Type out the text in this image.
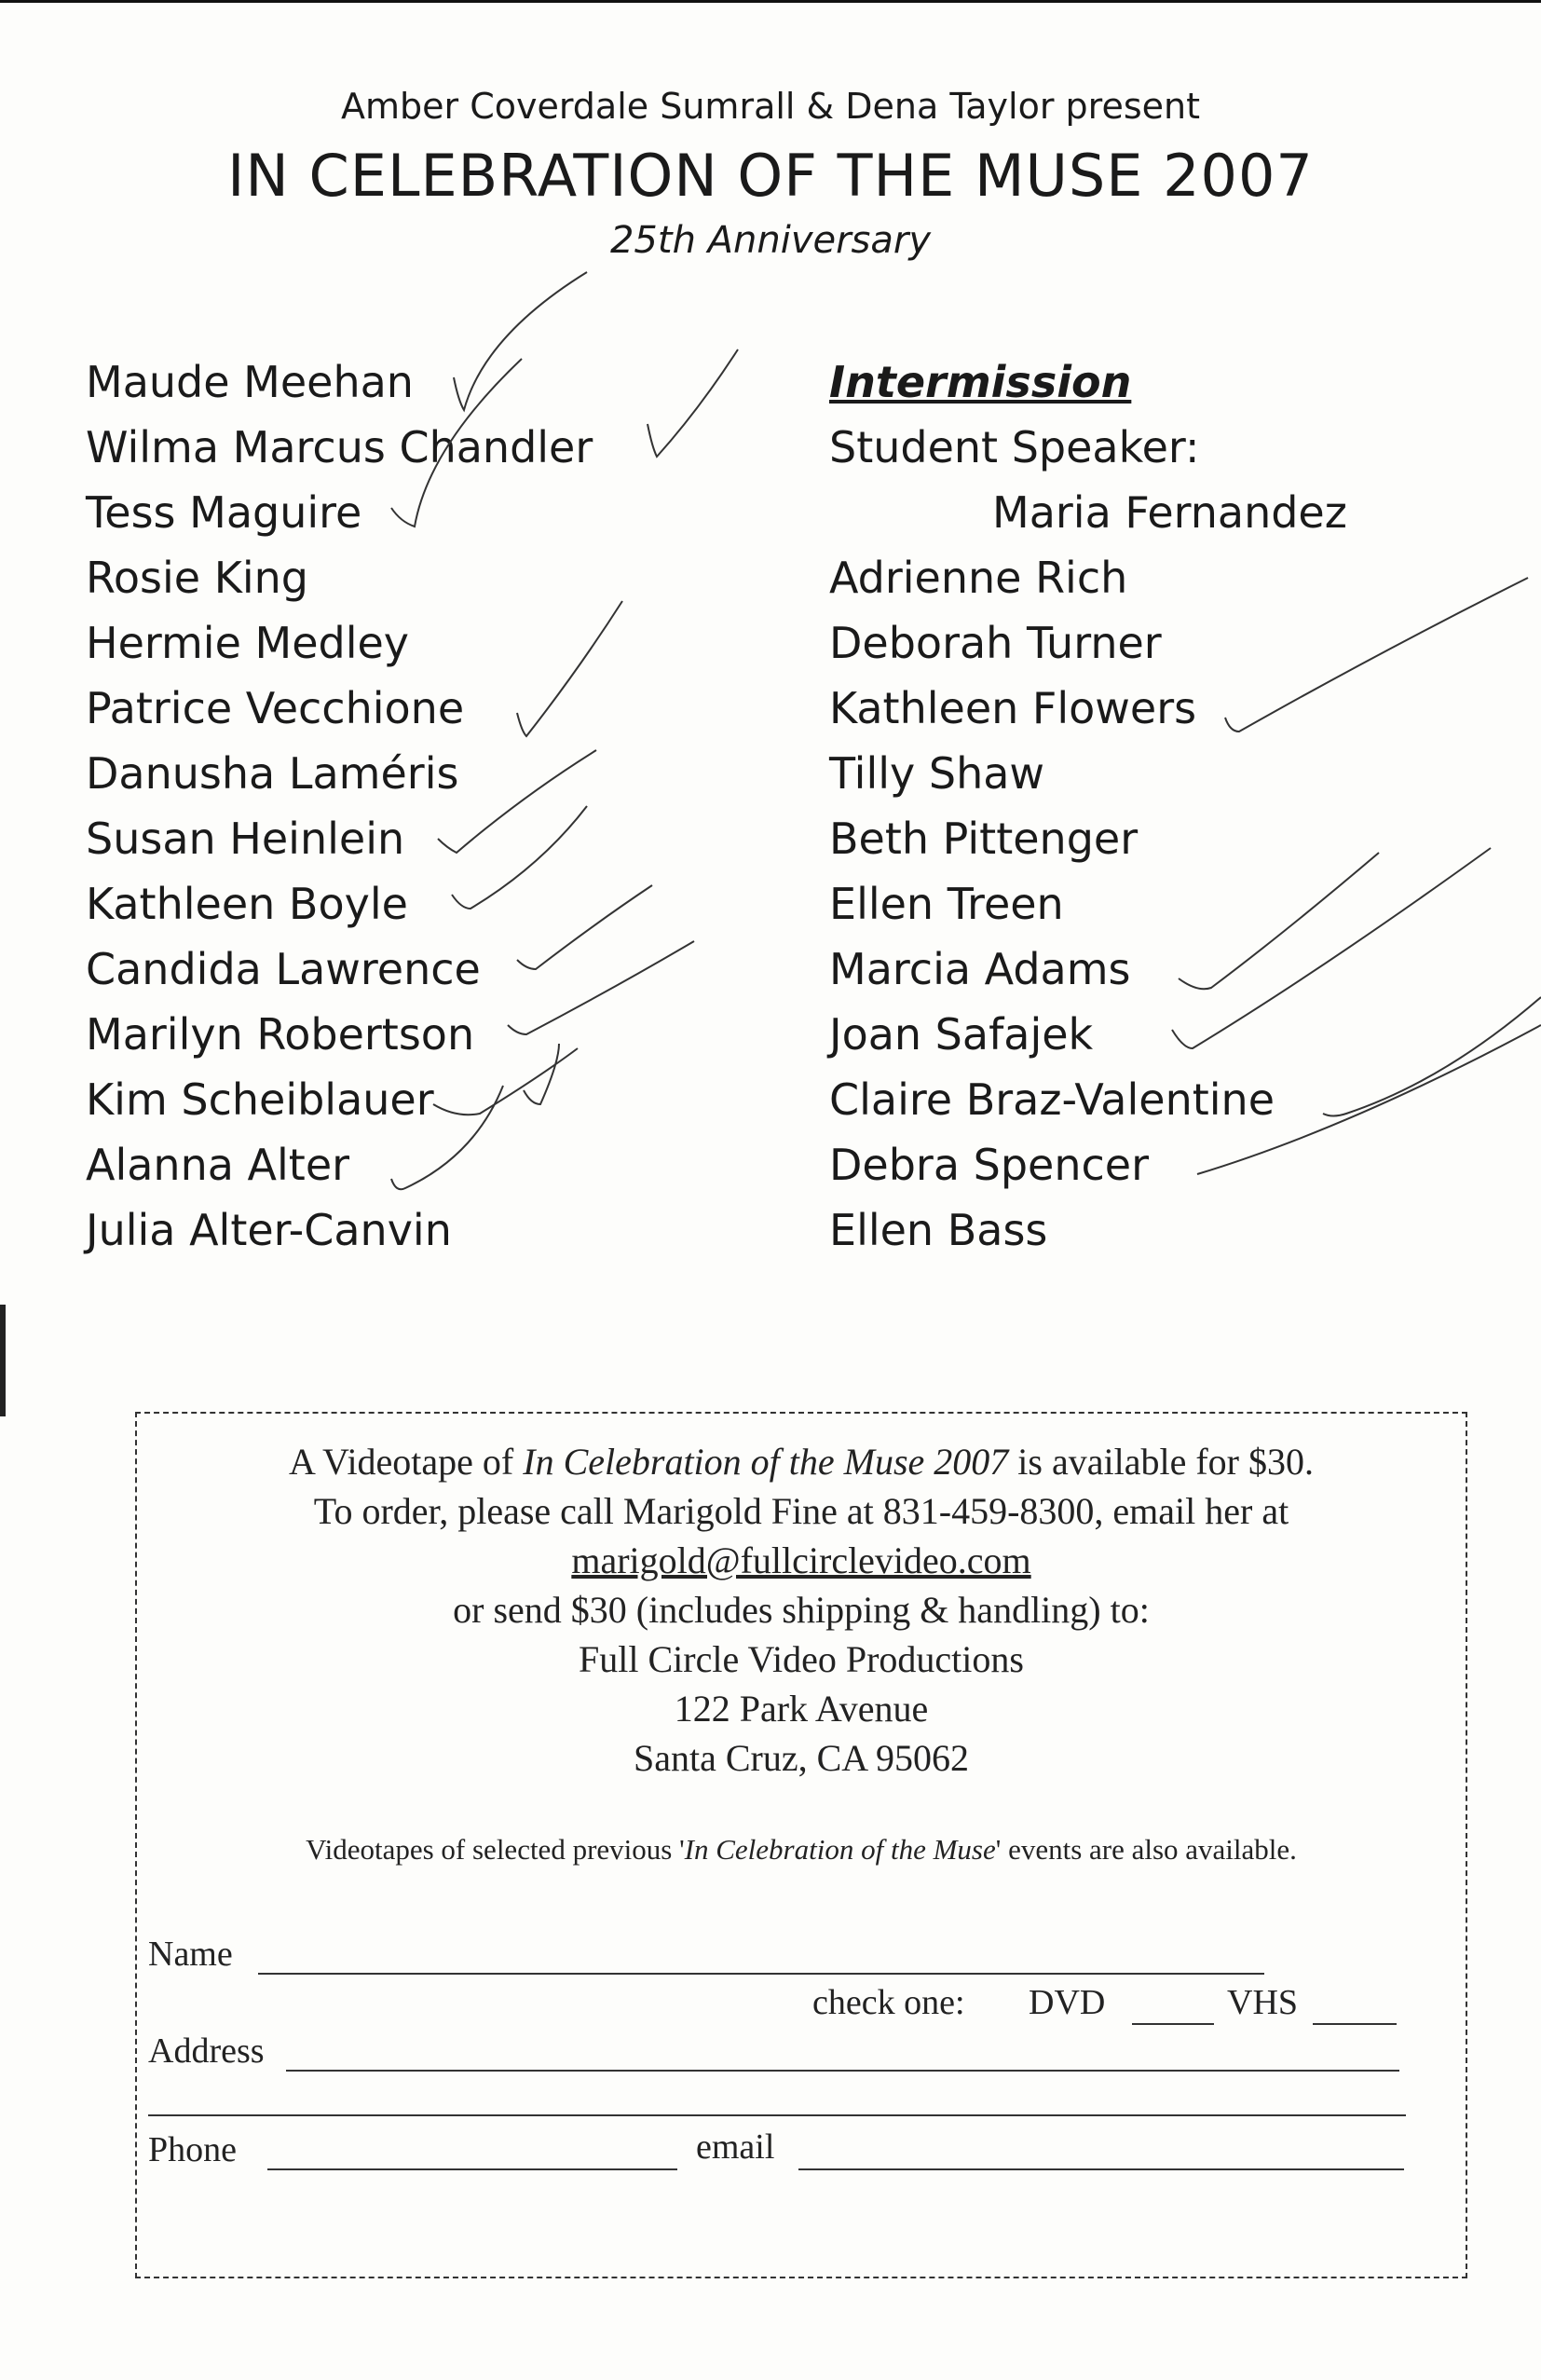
Amber Coverdale Sumrall & Dena Taylor present
IN CELEBRATION OF THE MUSE 2007
25th Anniversary
Maude Meehan
Wilma Marcus Chandler
Tess Maguire
Rosie King
Hermie Medley
Patrice Vecchione
Danusha Laméris
Susan Heinlein
Kathleen Boyle
Candida Lawrence
Marilyn Robertson
Kim Scheiblauer
Alanna Alter
Julia Alter-Canvin
Intermission
Student Speaker:
Maria Fernandez
Adrienne Rich
Deborah Turner
Kathleen Flowers
Tilly Shaw
Beth Pittenger
Ellen Treen
Marcia Adams
Joan Safajek
Claire Braz-Valentine
Debra Spencer
Ellen Bass
A Videotape of In Celebration of the Muse 2007 is available for $30.
To order, please call Marigold Fine at 831-459-8300, email her at
marigold@fullcirclevideo.com
or send $30 (includes shipping & handling) to:
Full Circle Video Productions
122 Park Avenue
Santa Cruz, CA 95062
Videotapes of selected previous 'In Celebration of the Muse' events are also available.
Name
check one: DVD	VHS
Address
Phone	email
